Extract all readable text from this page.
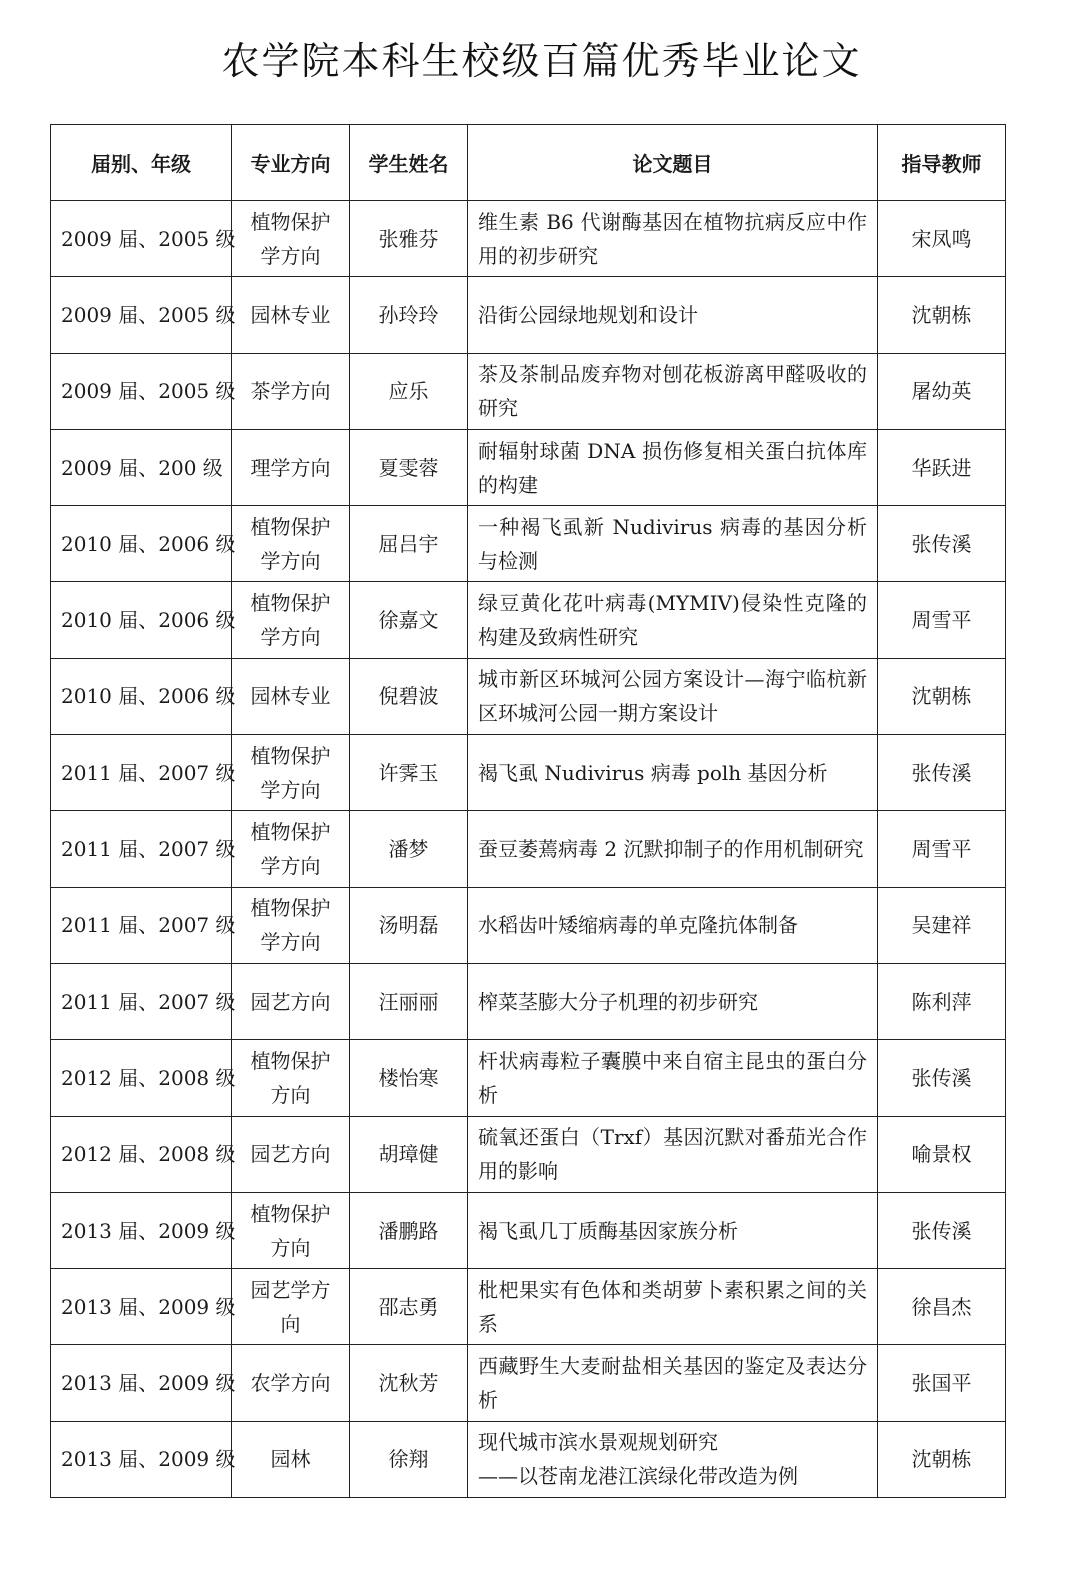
农学院本科生校级百篇优秀毕业论文
届别、年级	专业方向	学生姓名	论文题目	指导教师
2009 届、2005 级	植物保护学方向	张雅芬	维生素 B6 代谢酶基因在植物抗病反应中作用的初步研究	宋凤鸣
2009 届、2005 级	园林专业	孙玲玲	沿街公园绿地规划和设计	沈朝栋
2009 届、2005 级	茶学方向	应乐	茶及茶制品废弃物对刨花板游离甲醛吸收的研究	屠幼英
2009 届、200 级	理学方向	夏雯蓉	耐辐射球菌 DNA 损伤修复相关蛋白抗体库的构建	华跃进
2010 届、2006 级	植物保护学方向	屈吕宇	一种褐飞虱新 Nudivirus 病毒的基因分析与检测	张传溪
2010 届、2006 级	植物保护学方向	徐嘉文	绿豆黄化花叶病毒(MYMIV)侵染性克隆的构建及致病性研究	周雪平
2010 届、2006 级	园林专业	倪碧波	城市新区环城河公园方案设计—海宁临杭新区环城河公园一期方案设计	沈朝栋
2011 届、2007 级	植物保护学方向	许霁玉	褐飞虱 Nudivirus 病毒 polh 基因分析	张传溪
2011 届、2007 级	植物保护学方向	潘梦	蚕豆萎蔫病毒 2 沉默抑制子的作用机制研究	周雪平
2011 届、2007 级	植物保护学方向	汤明磊	水稻齿叶矮缩病毒的单克隆抗体制备	吴建祥
2011 届、2007 级	园艺方向	汪丽丽	榨菜茎膨大分子机理的初步研究	陈利萍
2012 届、2008 级	植物保护方向	楼怡寒	杆状病毒粒子囊膜中来自宿主昆虫的蛋白分析	张传溪
2012 届、2008 级	园艺方向	胡璋健	硫氧还蛋白（Trxf）基因沉默对番茄光合作用的影响	喻景权
2013 届、2009 级	植物保护方向	潘鹏路	褐飞虱几丁质酶基因家族分析	张传溪
2013 届、2009 级	园艺学方向	邵志勇	枇杷果实有色体和类胡萝卜素积累之间的关系	徐昌杰
2013 届、2009 级	农学方向	沈秋芳	西藏野生大麦耐盐相关基因的鉴定及表达分析	张国平
2013 届、2009 级	园林	徐翔	现代城市滨水景观规划研究
——以苍南龙港江滨绿化带改造为例	沈朝栋
